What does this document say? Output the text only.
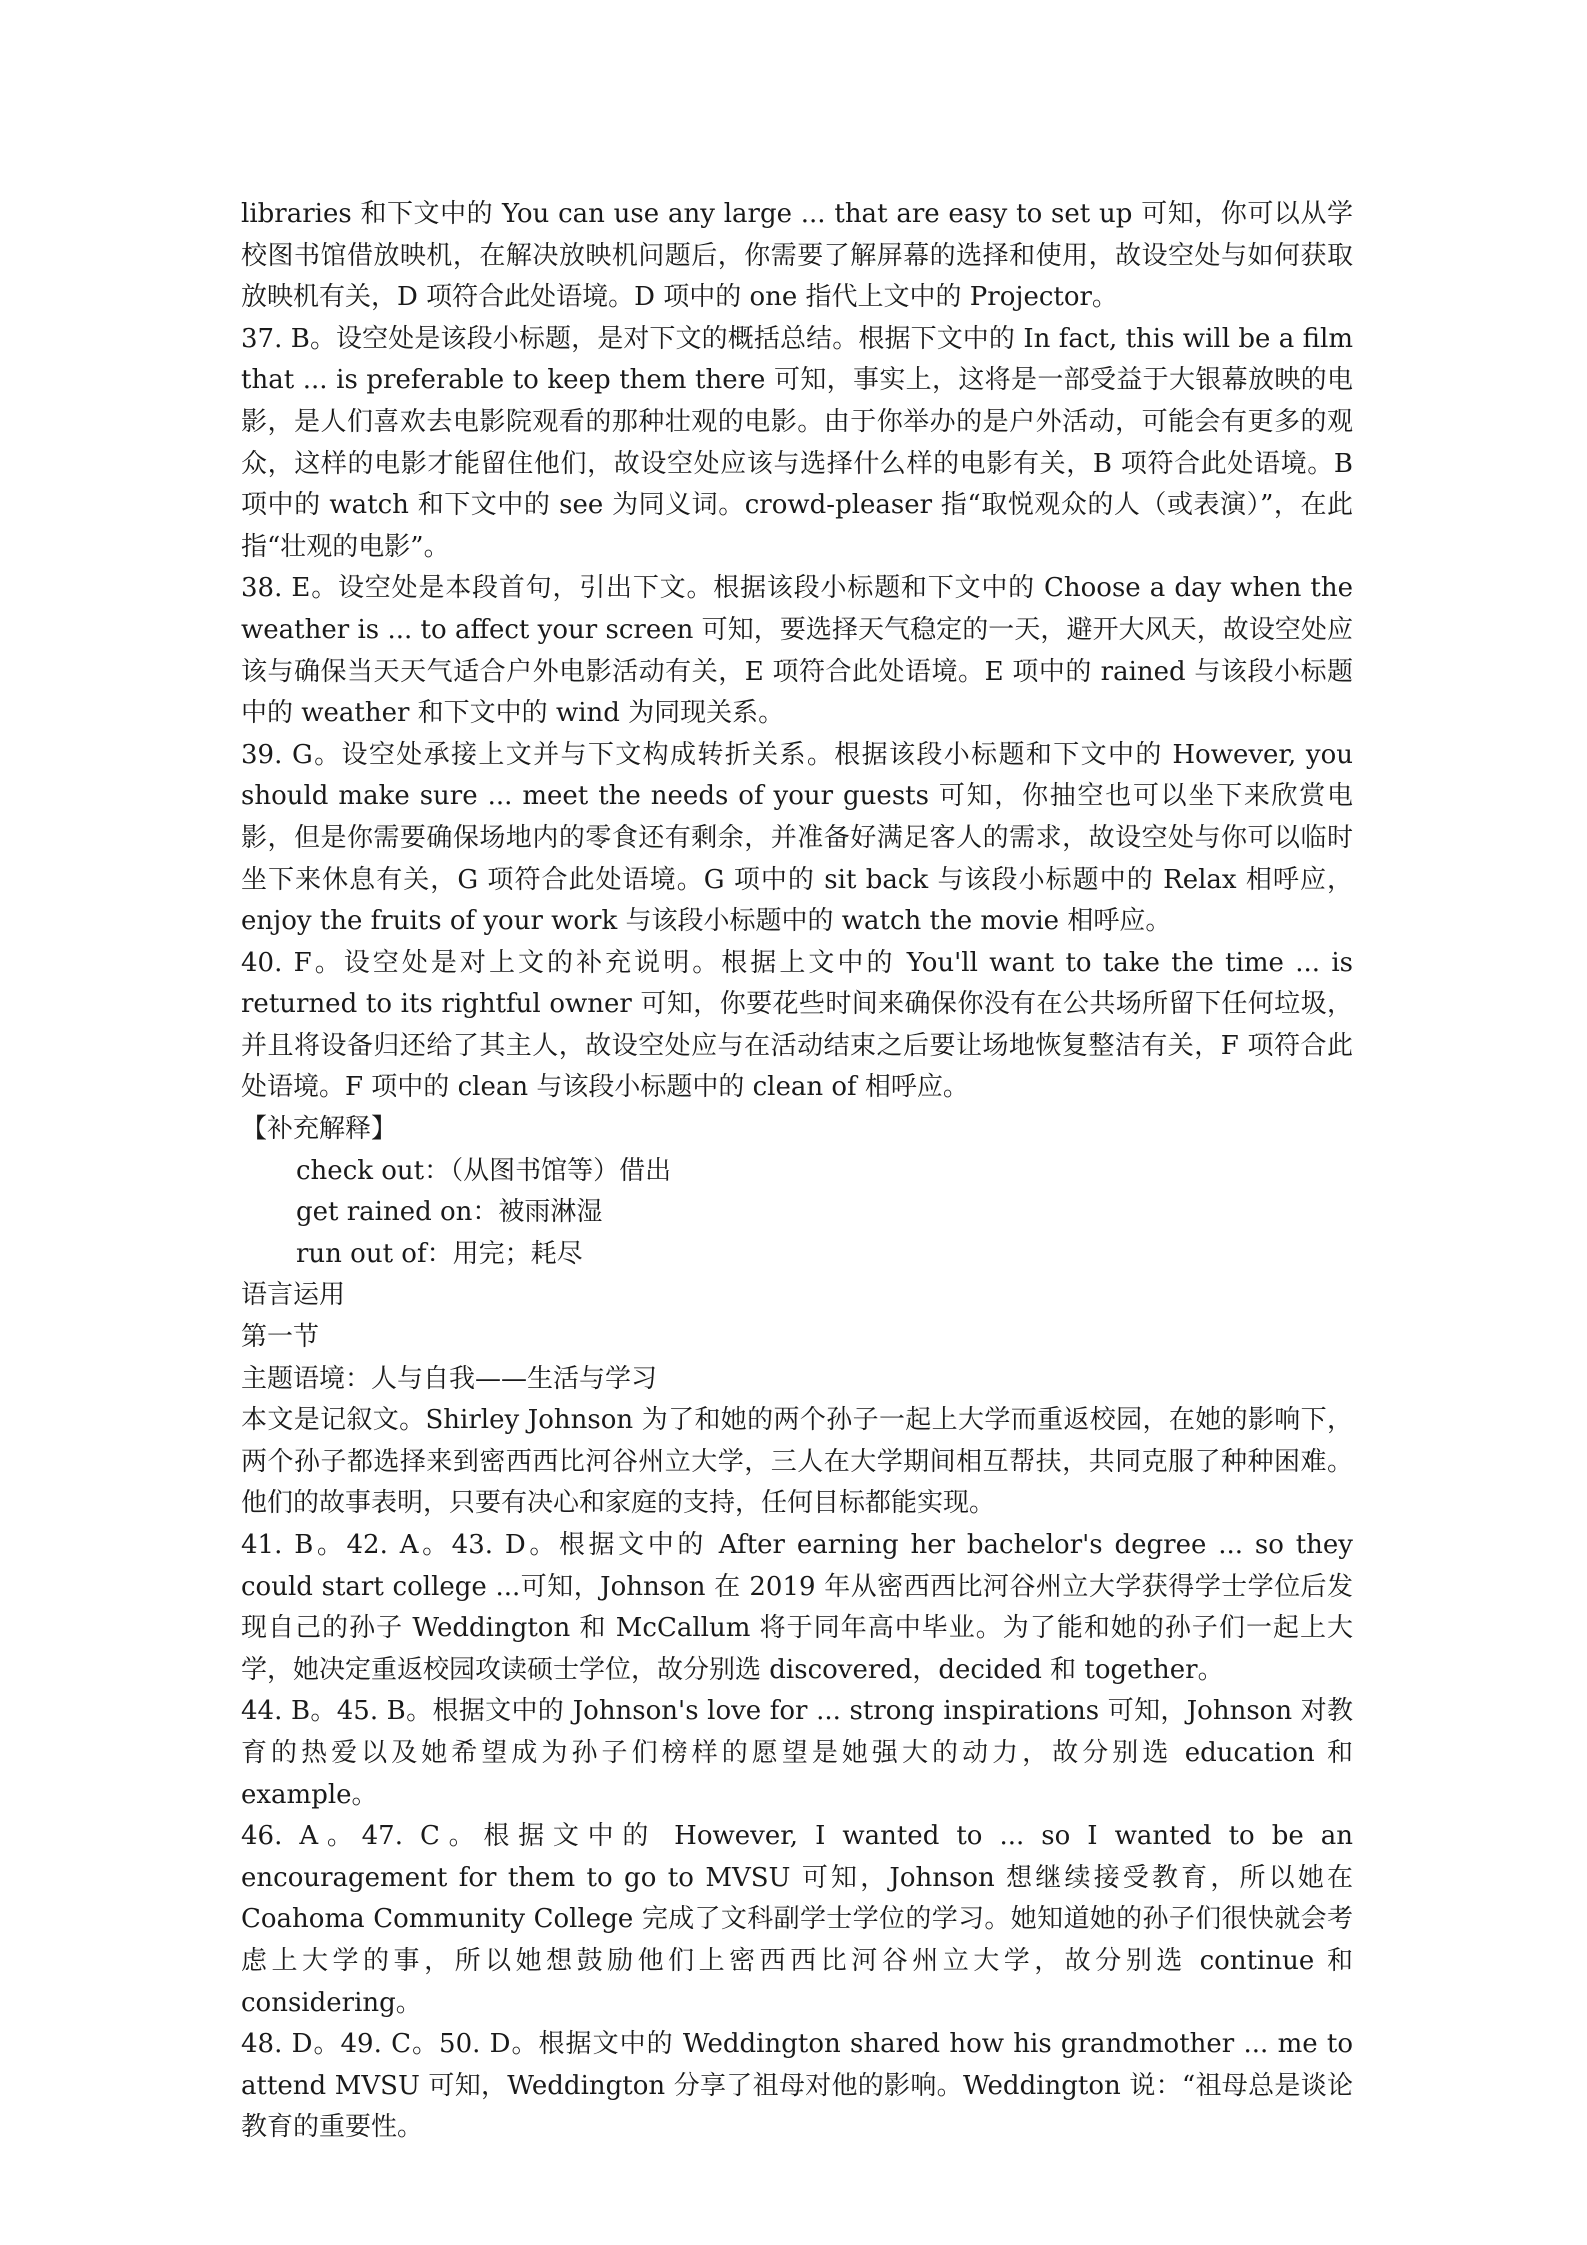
libraries 和下文中的 You can use any large ... that are easy to set up 可知，你可以从学校图书馆借放映机，在解决放映机问题后，你需要了解屏幕的选择和使用，故设空处与如何获取放映机有关，D 项符合此处语境。D 项中的 one 指代上文中的 Projector。

37. B。设空处是该段小标题，是对下文的概括总结。根据下文中的 In fact, this will be a film that ... is preferable to keep them there 可知，事实上，这将是一部受益于大银幕放映的电影，是人们喜欢去电影院观看的那种壮观的电影。由于你举办的是户外活动，可能会有更多的观众，这样的电影才能留住他们，故设空处应该与选择什么样的电影有关，B 项符合此处语境。B 项中的 watch 和下文中的 see 为同义词。crowd-pleaser 指“取悦观众的人（或表演）”，在此指“壮观的电影”。

38. E。设空处是本段首句，引出下文。根据该段小标题和下文中的 Choose a day when the weather is ... to affect your screen 可知，要选择天气稳定的一天，避开大风天，故设空处应该与确保当天天气适合户外电影活动有关，E 项符合此处语境。E 项中的 rained 与该段小标题中的 weather 和下文中的 wind 为同现关系。

39. G。设空处承接上文并与下文构成转折关系。根据该段小标题和下文中的 However, you should make sure ... meet the needs of your guests 可知，你抽空也可以坐下来欣赏电影，但是你需要确保场地内的零食还有剩余，并准备好满足客人的需求，故设空处与你可以临时坐下来休息有关，G 项符合此处语境。G 项中的 sit back 与该段小标题中的 Relax 相呼应，enjoy the fruits of your work 与该段小标题中的 watch the movie 相呼应。

40. F。设空处是对上文的补充说明。根据上文中的 You'll want to take the time ... is returned to its rightful owner 可知，你要花些时间来确保你没有在公共场所留下任何垃圾，并且将设备归还给了其主人，故设空处应与在活动结束之后要让场地恢复整洁有关，F 项符合此处语境。F 项中的 clean 与该段小标题中的 clean of 相呼应。

【补充解释】

check out：（从图书馆等）借出

get rained on：被雨淋湿

run out of：用完；耗尽

语言运用

第一节

主题语境：人与自我——生活与学习

本文是记叙文。Shirley Johnson 为了和她的两个孙子一起上大学而重返校园，在她的影响下，两个孙子都选择来到密西西比河谷州立大学，三人在大学期间相互帮扶，共同克服了种种困难。他们的故事表明，只要有决心和家庭的支持，任何目标都能实现。

41. B。42. A。43. D。根据文中的 After earning her bachelor's degree ... so they could start college ...可知，Johnson 在 2019 年从密西西比河谷州立大学获得学士学位后发现自己的孙子 Weddington 和 McCallum 将于同年高中毕业。为了能和她的孙子们一起上大学，她决定重返校园攻读硕士学位，故分别选 discovered，decided 和 together。

44. B。45. B。根据文中的 Johnson's love for ... strong inspirations 可知，Johnson 对教育的热爱以及她希望成为孙子们榜样的愿望是她强大的动力，故分别选 education 和 example。

46. A。47. C。根据文中的 However, I wanted to ... so I wanted to be an encouragement for them to go to MVSU 可知，Johnson 想继续接受教育，所以她在 Coahoma Community College 完成了文科副学士学位的学习。她知道她的孙子们很快就会考虑上大学的事，所以她想鼓励他们上密西西比河谷州立大学，故分别选 continue 和 considering。

48. D。49. C。50. D。根据文中的 Weddington shared how his grandmother ... me to attend MVSU 可知，Weddington 分享了祖母对他的影响。Weddington 说：“祖母总是谈论教育的重要性。
